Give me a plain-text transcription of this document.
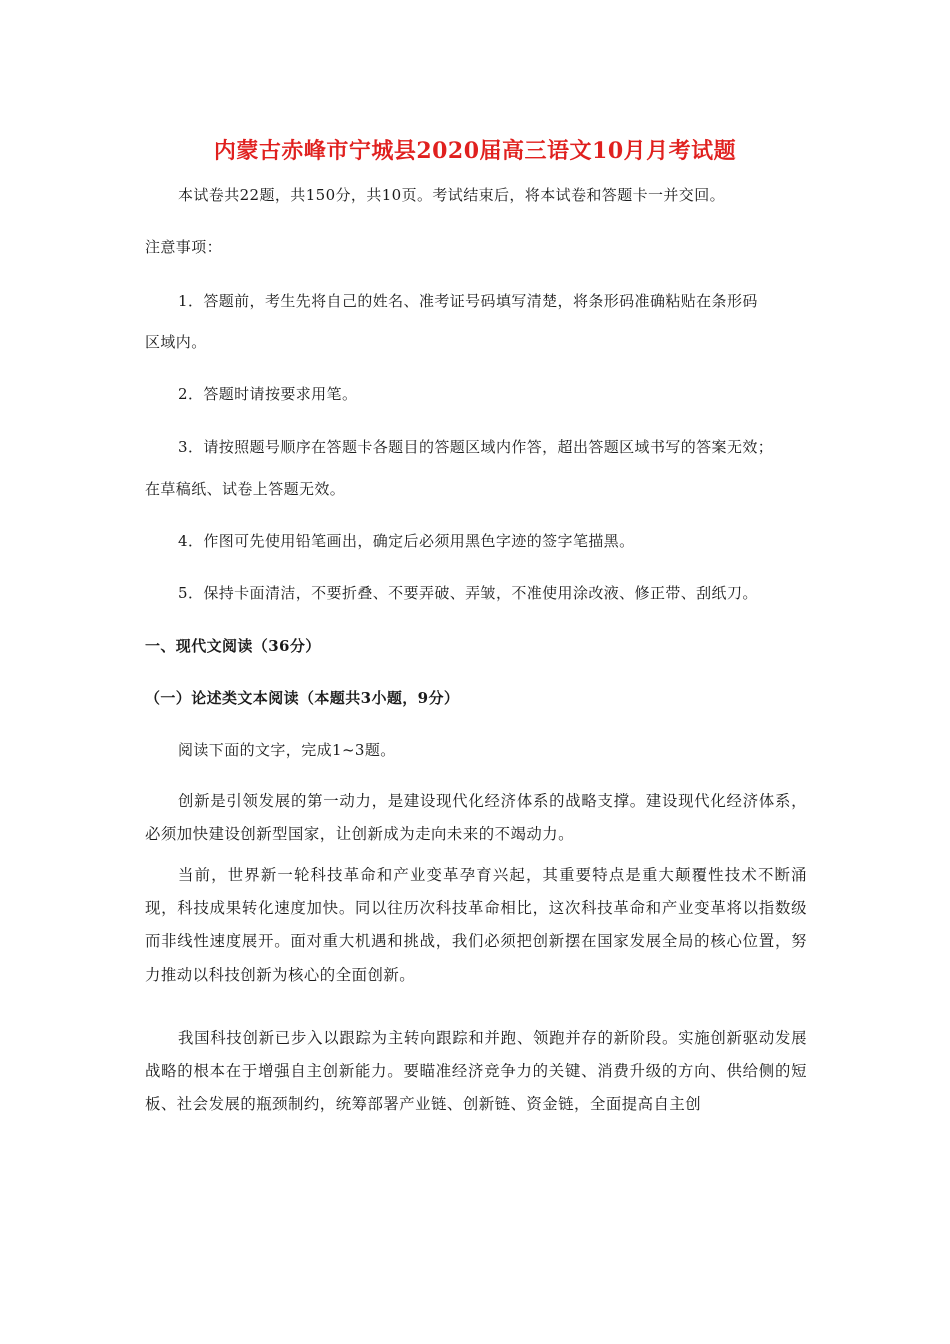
内蒙古赤峰市宁城县2020届高三语文10月月考试题
本试卷共22题，共150分，共10页。考试结束后，将本试卷和答题卡一并交回。
注意事项：
1．答题前，考生先将自己的姓名、准考证号码填写清楚，将条形码准确粘贴在条形码
区域内。
2．答题时请按要求用笔。
3．请按照题号顺序在答题卡各题目的答题区域内作答，超出答题区域书写的答案无效；
在草稿纸、试卷上答题无效。
4．作图可先使用铅笔画出，确定后必须用黑色字迹的签字笔描黑。
5．保持卡面清洁，不要折叠、不要弄破、弄皱，不准使用涂改液、修正带、刮纸刀。
一、现代文阅读（36分）
（一）论述类文本阅读（本题共3小题，9分）
阅读下面的文字，完成1~3题。

创新是引领发展的第一动力，是建设现代化经济体系的战略支撑。建设现代化经济体系，必须加快建设创新型国家，让创新成为走向未来的不竭动力。

当前，世界新一轮科技革命和产业变革孕育兴起，其重要特点是重大颠覆性技术不断涌现，科技成果转化速度加快。同以往历次科技革命相比，这次科技革命和产业变革将以指数级而非线性速度展开。面对重大机遇和挑战，我们必须把创新摆在国家发展全局的核心位置，努力推动以科技创新为核心的全面创新。

我国科技创新已步入以跟踪为主转向跟踪和并跑、领跑并存的新阶段。实施创新驱动发展战略的根本在于增强自主创新能力。要瞄准经济竞争力的关键、消费升级的方向、供给侧的短板、社会发展的瓶颈制约，统筹部署产业链、创新链、资金链，全面提高自主创
